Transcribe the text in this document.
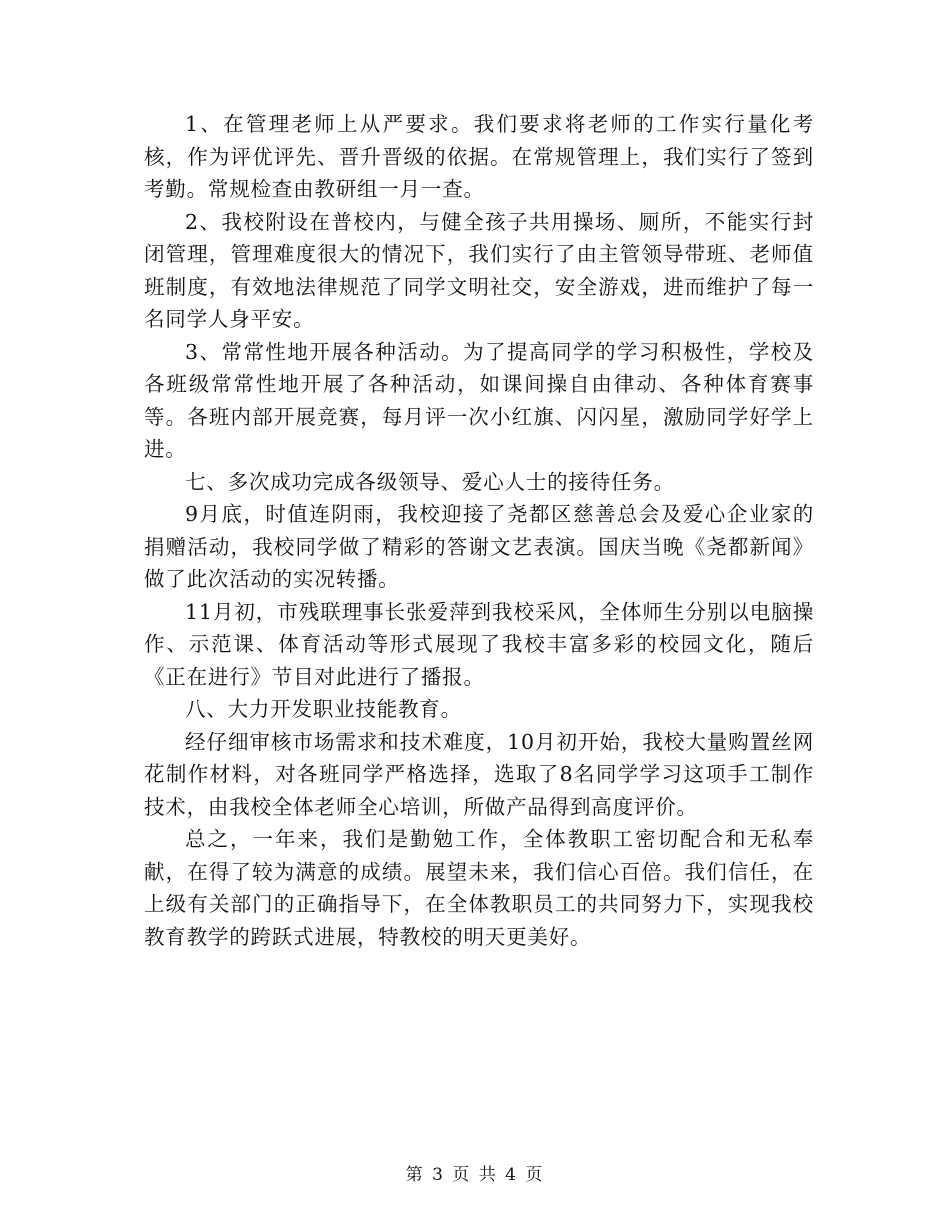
1、在管理老师上从严要求。我们要求将老师的工作实行量化考核，作为评优评先、晋升晋级的依据。在常规管理上，我们实行了签到考勤。常规检查由教研组一月一查。

2、我校附设在普校内，与健全孩子共用操场、厕所，不能实行封闭管理，管理难度很大的情况下，我们实行了由主管领导带班、老师值班制度，有效地法律规范了同学文明社交，安全游戏，进而维护了每一名同学人身平安。

3、常常性地开展各种活动。为了提高同学的学习积极性，学校及各班级常常性地开展了各种活动，如课间操自由律动、各种体育赛事等。各班内部开展竞赛，每月评一次小红旗、闪闪星，激励同学好学上进。

七、多次成功完成各级领导、爱心人士的接待任务。

9月底，时值连阴雨，我校迎接了尧都区慈善总会及爱心企业家的捐赠活动，我校同学做了精彩的答谢文艺表演。国庆当晚《尧都新闻》做了此次活动的实况转播。

11月初，市残联理事长张爱萍到我校采风，全体师生分别以电脑操作、示范课、体育活动等形式展现了我校丰富多彩的校园文化，随后《正在进行》节目对此进行了播报。

八、大力开发职业技能教育。

经仔细审核市场需求和技术难度，10月初开始，我校大量购置丝网花制作材料，对各班同学严格选择，选取了8名同学学习这项手工制作技术，由我校全体老师全心培训，所做产品得到高度评价。

总之，一年来，我们是勤勉工作，全体教职工密切配合和无私奉献，在得了较为满意的成绩。展望未来，我们信心百倍。我们信任，在上级有关部门的正确指导下，在全体教职员工的共同努力下，实现我校教育教学的跨跃式进展，特教校的明天更美好。

第 3 页 共 4 页
